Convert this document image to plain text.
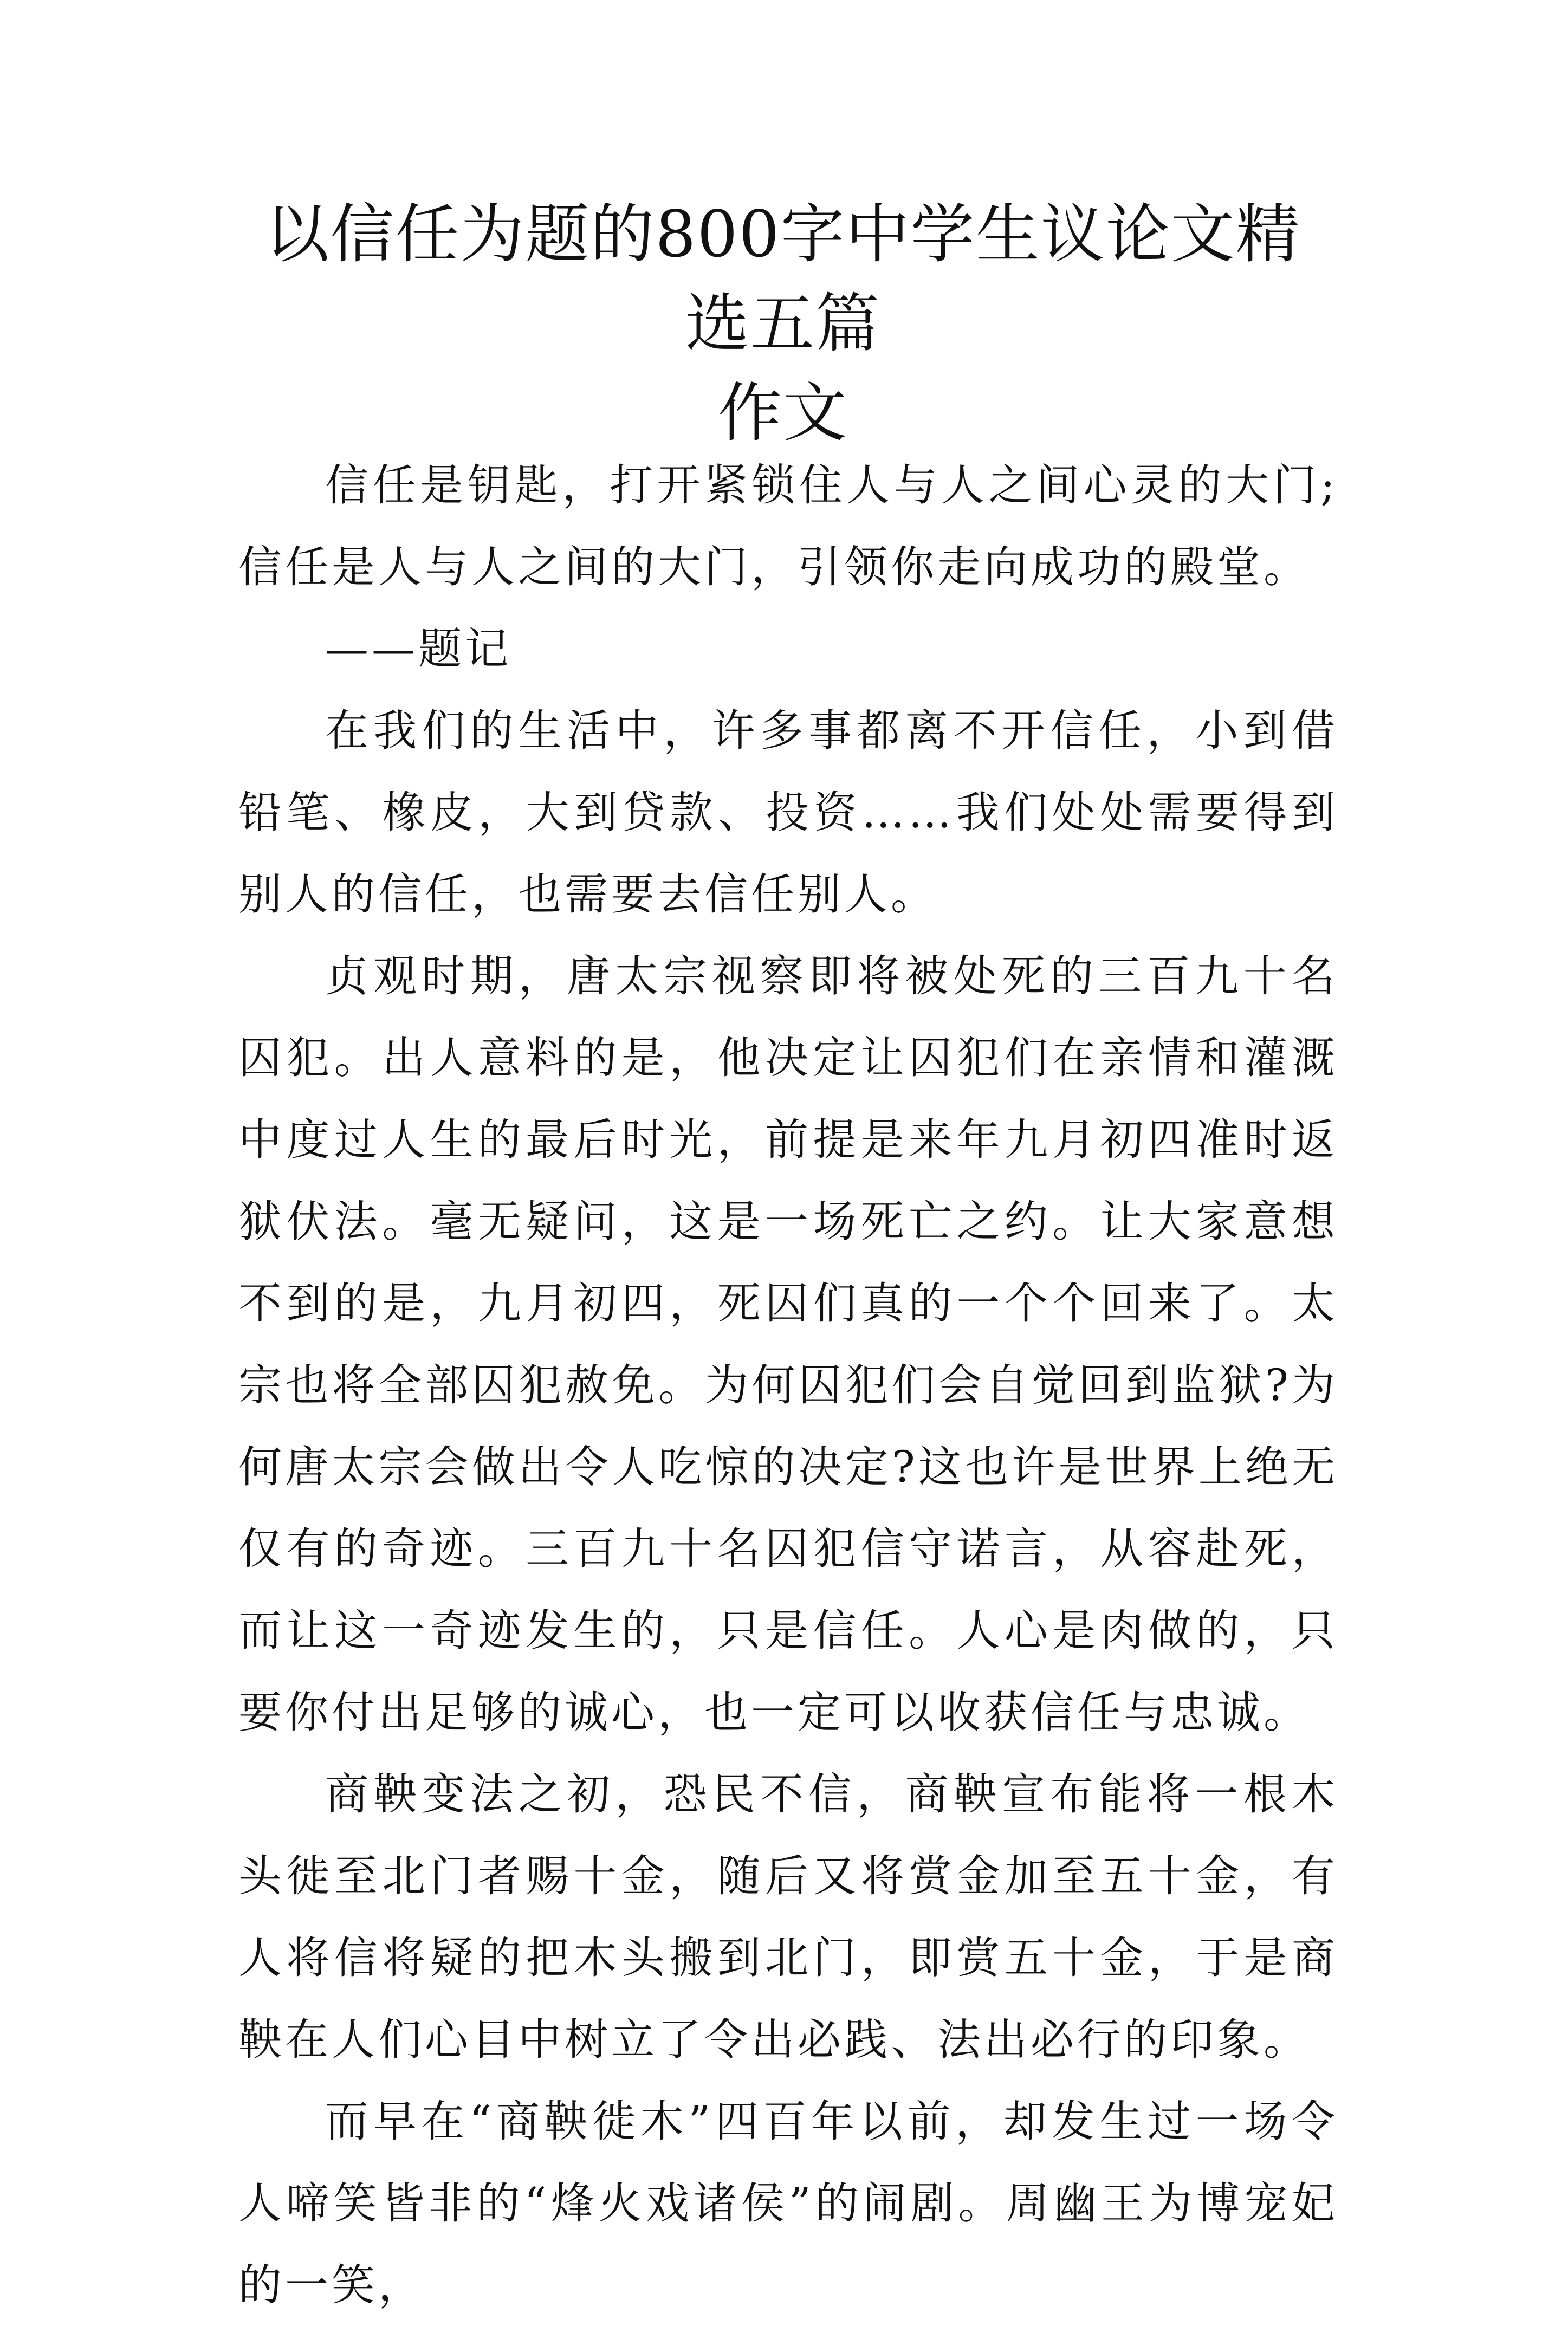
以信任为题的800字中学生议论文精选五篇
作文

信任是钥匙，打开紧锁住人与人之间心灵的大门;信任是人与人之间的大门，引领你走向成功的殿堂。

——题记

在我们的生活中，许多事都离不开信任，小到借铅笔、橡皮，大到贷款、投资……我们处处需要得到别人的信任，也需要去信任别人。

贞观时期，唐太宗视察即将被处死的三百九十名囚犯。出人意料的是，他决定让囚犯们在亲情和灌溉中度过人生的最后时光，前提是来年九月初四准时返狱伏法。毫无疑问，这是一场死亡之约。让大家意想不到的是，九月初四，死囚们真的一个个回来了。太宗也将全部囚犯赦免。为何囚犯们会自觉回到监狱?为何唐太宗会做出令人吃惊的决定?这也许是世界上绝无仅有的奇迹。三百九十名囚犯信守诺言，从容赴死，而让这一奇迹发生的，只是信任。人心是肉做的，只要你付出足够的诚心，也一定可以收获信任与忠诚。

商鞅变法之初，恐民不信，商鞅宣布能将一根木头徙至北门者赐十金，随后又将赏金加至五十金，有人将信将疑的把木头搬到北门，即赏五十金，于是商鞅在人们心目中树立了令出必践、法出必行的印象。

而早在“商鞅徙木”四百年以前，却发生过一场令人啼笑皆非的“烽火戏诸侯”的闹剧。周幽王为博宠妃的一笑，
